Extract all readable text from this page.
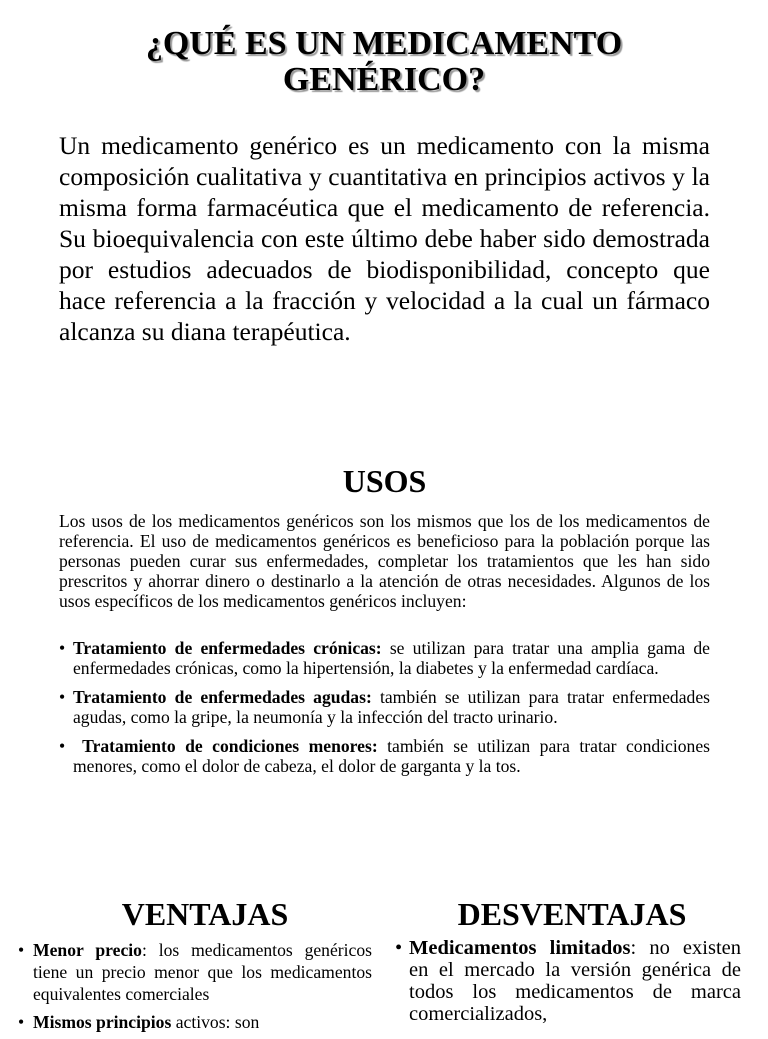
¿QUÉ ES UN MEDICAMENTO GENÉRICO?

Un medicamento genérico es un medicamento con la misma composición cualitativa y cuantitativa en principios activos y la misma forma farmacéutica que el medicamento de referencia. Su bioequivalencia con este último debe haber sido demostrada por estudios adecuados de biodisponibilidad, concepto que hace referencia a la fracción y velocidad a la cual un fármaco alcanza su diana terapéutica.

USOS

Los usos de los medicamentos genéricos son los mismos que los de los medicamentos de referencia. El uso de medicamentos genéricos es beneficioso para la población porque las personas pueden curar sus enfermedades, completar los tratamientos que les han sido prescritos y ahorrar dinero o destinarlo a la atención de otras necesidades. Algunos de los usos específicos de los medicamentos genéricos incluyen:

• Tratamiento de enfermedades crónicas: se utilizan para tratar una amplia gama de enfermedades crónicas, como la hipertensión, la diabetes y la enfermedad cardíaca.
• Tratamiento de enfermedades agudas: también se utilizan para tratar enfermedades agudas, como la gripe, la neumonía y la infección del tracto urinario.
• Tratamiento de condiciones menores: también se utilizan para tratar condiciones menores, como el dolor de cabeza, el dolor de garganta y la tos.
VENTAJAS	DESVENTAJAS
• Menor precio: los medicamentos genéricos tiene un precio menor que los medicamentos equivalentes comerciales
• Mismos principios activos: son
• Medicamentos limitados: no existen en el mercado la versión genérica de todos los medicamentos de marca comercializados,
